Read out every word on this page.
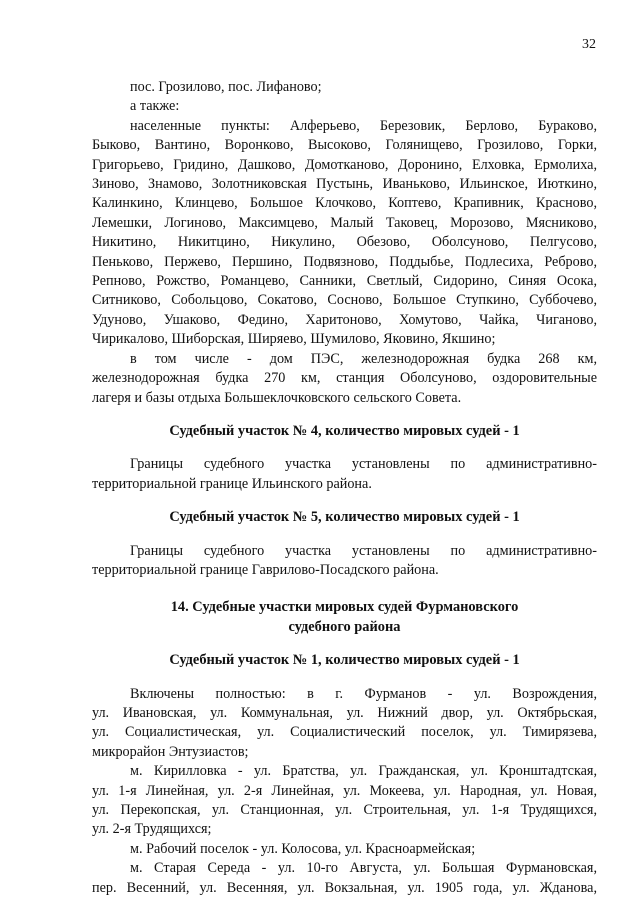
32
пос. Грозилово, пос. Лифаново;
а также:
населенные пункты: Алферьево, Березовик, Берлово, Бураково,
Быково, Вантино, Воронково, Высоково, Голянищево, Грозилово, Горки,
Григорьево, Гридино, Дашково, Домотканово, Доронино, Елховка, Ермолиха,
Зиново, Знамово, Золотниковская Пустынь, Иваньково, Ильинское, Июткино,
Калинкино, Клинцево, Большое Клочково, Коптево, Крапивник, Красново,
Лемешки, Логиново, Максимцево, Малый Таковец, Морозово, Мясниково,
Никитино, Никитцино, Никулино, Обезово, Оболсуново, Пелгусово,
Пеньково, Пержево, Першино, Подвязново, Поддыбье, Подлесиха, Реброво,
Репново, Рожство, Романцево, Санники, Светлый, Сидорино, Синяя Осока,
Ситниково, Собольцово, Сокатово, Сосново, Большое Ступкино, Суббочево,
Удуново, Ушаково, Федино, Харитоново, Хомутово, Чайка, Чиганово,
Чирикалово, Шиборская, Ширяево, Шумилово, Яковино, Якшино;
в том числе - дом ПЭС, железнодорожная будка 268 км,
железнодорожная будка 270 км, станция Оболсуново, оздоровительные
лагеря и базы отдыха Большеклочковского сельского Совета.
Судебный участок № 4, количество мировых судей - 1
Границы судебного участка установлены по административно-
территориальной границе Ильинского района.
Судебный участок № 5, количество мировых судей - 1
Границы судебного участка установлены по административно-
территориальной границе Гаврилово-Посадского района.
14. Судебные участки мировых судей Фурмановского
судебного района
Судебный участок № 1, количество мировых судей - 1
Включены полностью: в г. Фурманов - ул. Возрождения,
ул. Ивановская, ул. Коммунальная, ул. Нижний двор, ул. Октябрьская,
ул. Социалистическая, ул. Социалистический поселок, ул. Тимирязева,
микрорайон Энтузиастов;
м. Кирилловка - ул. Братства, ул. Гражданская, ул. Кронштадтская,
ул. 1-я Линейная, ул. 2-я Линейная, ул. Мокеева, ул. Народная, ул. Новая,
ул. Перекопская, ул. Станционная, ул. Строительная, ул. 1-я Трудящихся,
ул. 2-я Трудящихся;
м. Рабочий поселок - ул. Колосова, ул. Красноармейская;
м. Старая Середа - ул. 10-го Августа, ул. Большая Фурмановская,
пер. Весенний, ул. Весенняя, ул. Вокзальная, ул. 1905 года, ул. Жданова,
